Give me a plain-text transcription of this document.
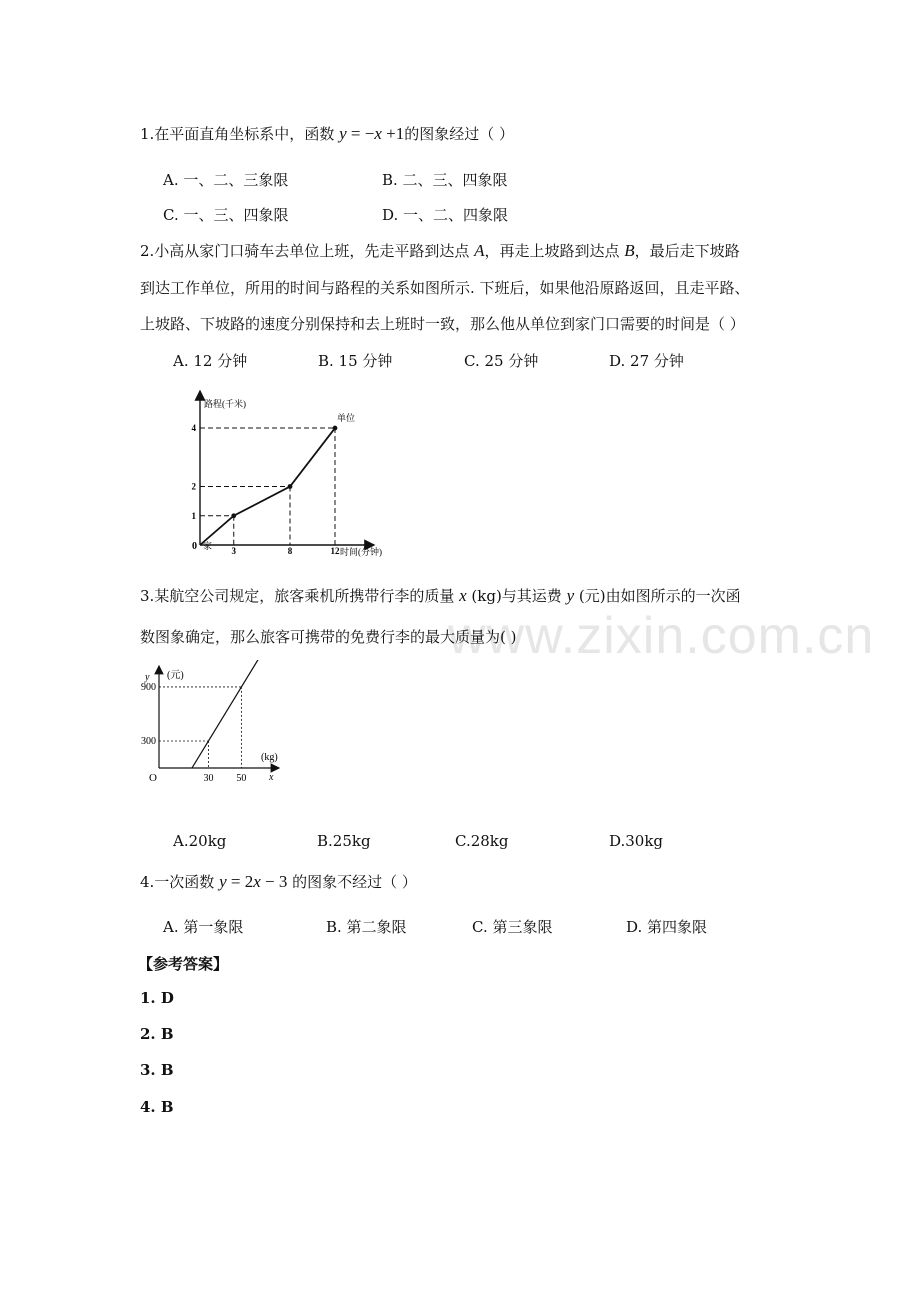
www.zixin.com.cn
1.在平面直角坐标系中，函数 y = −x +1的图象经过（ ）
A. 一、二、三象限	B. 二、三、四象限
C. 一、三、四象限	D. 一、二、四象限
2.小高从家门口骑车去单位上班，先走平路到达点 A，再走上坡路到达点 B，最后走下坡路
到达工作单位，所用的时间与路程的关系如图所示. 下班后，如果他沿原路返回，且走平路、
上坡路、下坡路的速度分别保持和去上班时一致，那么他从单位到家门口需要的时间是（ ）
A. 12 分钟	B. 15 分钟	C. 25 分钟	D. 27 分钟
路程(千米)
时间(分钟)
0 家 3
1
8
2
12
4
单位
3.某航空公司规定，旅客乘机所携带行李的质量 x (kg)与其运费 y (元)由如图所示的一次函
数图象确定，那么旅客可携带的免费行李的最大质量为( )
y (元)
(kg)
x
O	30
300
50
900
A.20kg	B.25kg	C.28kg	D.30kg
4.一次函数 y = 2x − 3 的图象不经过（ ）
A. 第一象限	B. 第二象限	C. 第三象限	D. 第四象限
【参考答案】
1. D
2. B
3. B
4. B
